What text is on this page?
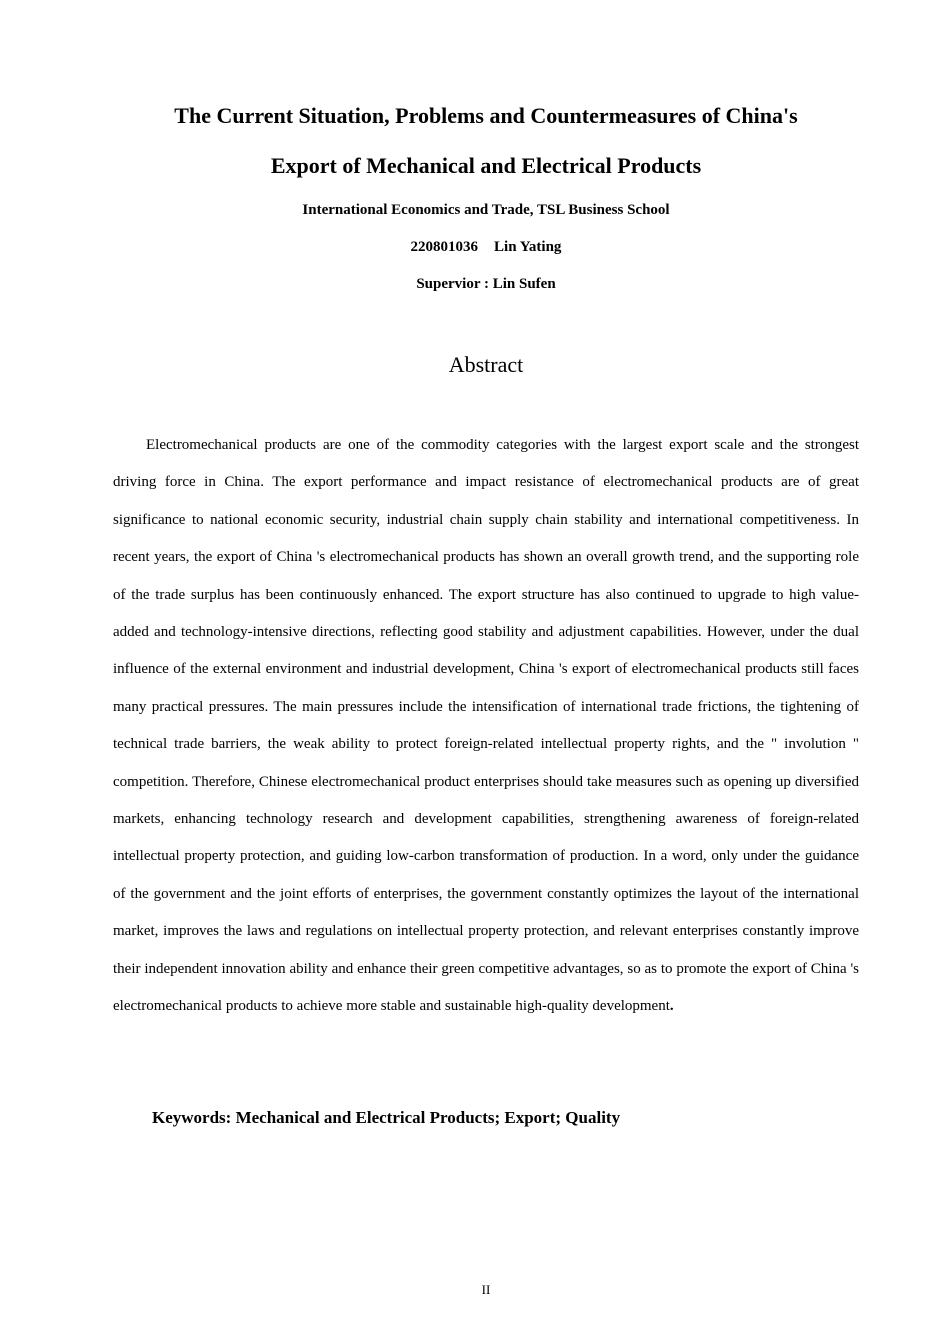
The Current Situation, Problems and Countermeasures of China's
Export of Mechanical and Electrical Products

International Economics and Trade, TSL Business School

220801036 Lin Yating

Supervior : Lin Sufen

Abstract

Electromechanical products are one of the commodity categories with the largest export scale and the strongest driving force in China. The export performance and impact resistance of electromechanical products are of great significance to national economic security, industrial chain supply chain stability and international competitiveness. In recent years, the export of China 's electromechanical products has shown an overall growth trend, and the supporting role of the trade surplus has been continuously enhanced. The export structure has also continued to upgrade to high value-added and technology-intensive directions, reflecting good stability and adjustment capabilities. However, under the dual influence of the external environment and industrial development, China 's export of electromechanical products still faces many practical pressures. The main pressures include the intensification of international trade frictions, the tightening of technical trade barriers, the weak ability to protect foreign-related intellectual property rights, and the " involution " competition. Therefore, Chinese electromechanical product enterprises should take measures such as opening up diversified markets, enhancing technology research and development capabilities, strengthening awareness of foreign-related intellectual property protection, and guiding low-carbon transformation of production. In a word, only under the guidance of the government and the joint efforts of enterprises, the government constantly optimizes the layout of the international market, improves the laws and regulations on intellectual property protection, and relevant enterprises constantly improve their independent innovation ability and enhance their green competitive advantages, so as to promote the export of China 's electromechanical products to achieve more stable and sustainable high-quality development.

Keywords: Mechanical and Electrical Products; Export; Quality

II
